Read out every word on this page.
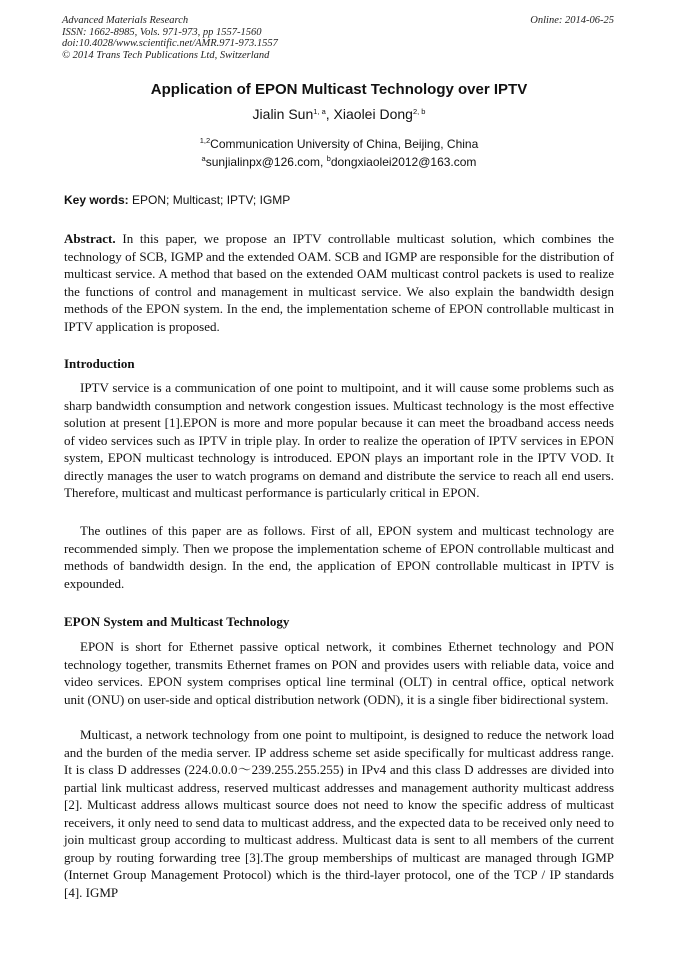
Advanced Materials Research
ISSN: 1662-8985, Vols. 971-973, pp 1557-1560
doi:10.4028/www.scientific.net/AMR.971-973.1557
© 2014 Trans Tech Publications Ltd, Switzerland
Online: 2014-06-25
Application of EPON Multicast Technology over IPTV
Jialin Sun$^{1, a}$, Xiaolei Dong$^{2, b}$
$^{1,2}$Communication University of China, Beijing, China
$^a$sunjialinpx@126.com, $^b$dongxiaolei2012@163.com
Key words: EPON; Multicast; IPTV; IGMP
Abstract. In this paper, we propose an IPTV controllable multicast solution, which combines the technology of SCB, IGMP and the extended OAM. SCB and IGMP are responsible for the distribution of multicast service. A method that based on the extended OAM multicast control packets is used to realize the functions of control and management in multicast service. We also explain the bandwidth design methods of the EPON system. In the end, the implementation scheme of EPON controllable multicast in IPTV application is proposed.
Introduction
IPTV service is a communication of one point to multipoint, and it will cause some problems such as sharp bandwidth consumption and network congestion issues. Multicast technology is the most effective solution at present [1].EPON is more and more popular because it can meet the broadband access needs of video services such as IPTV in triple play. In order to realize the operation of IPTV services in EPON system, EPON multicast technology is introduced. EPON plays an important role in the IPTV VOD. It directly manages the user to watch programs on demand and distribute the service to reach all end users. Therefore, multicast and multicast performance is particularly critical in EPON.
The outlines of this paper are as follows. First of all, EPON system and multicast technology are recommended simply. Then we propose the implementation scheme of EPON controllable multicast and methods of bandwidth design. In the end, the application of EPON controllable multicast in IPTV is expounded.
EPON System and Multicast Technology
EPON is short for Ethernet passive optical network, it combines Ethernet technology and PON technology together, transmits Ethernet frames on PON and provides users with reliable data, voice and video services. EPON system comprises optical line terminal (OLT) in central office, optical network unit (ONU) on user-side and optical distribution network (ODN), it is a single fiber bidirectional system.
Multicast, a network technology from one point to multipoint, is designed to reduce the network load and the burden of the media server. IP address scheme set aside specifically for multicast address range. It is class D addresses (224.0.0.0～239.255.255.255) in IPv4 and this class D addresses are divided into partial link multicast address, reserved multicast addresses and management authority multicast address [2]. Multicast address allows multicast source does not need to know the specific address of multicast receivers, it only need to send data to multicast address, and the expected data to be received only need to join multicast group according to multicast address. Multicast data is sent to all members of the current group by routing forwarding tree [3].The group memberships of multicast are managed through IGMP (Internet Group Management Protocol) which is the third-layer protocol, one of the TCP / IP standards [4]. IGMP
